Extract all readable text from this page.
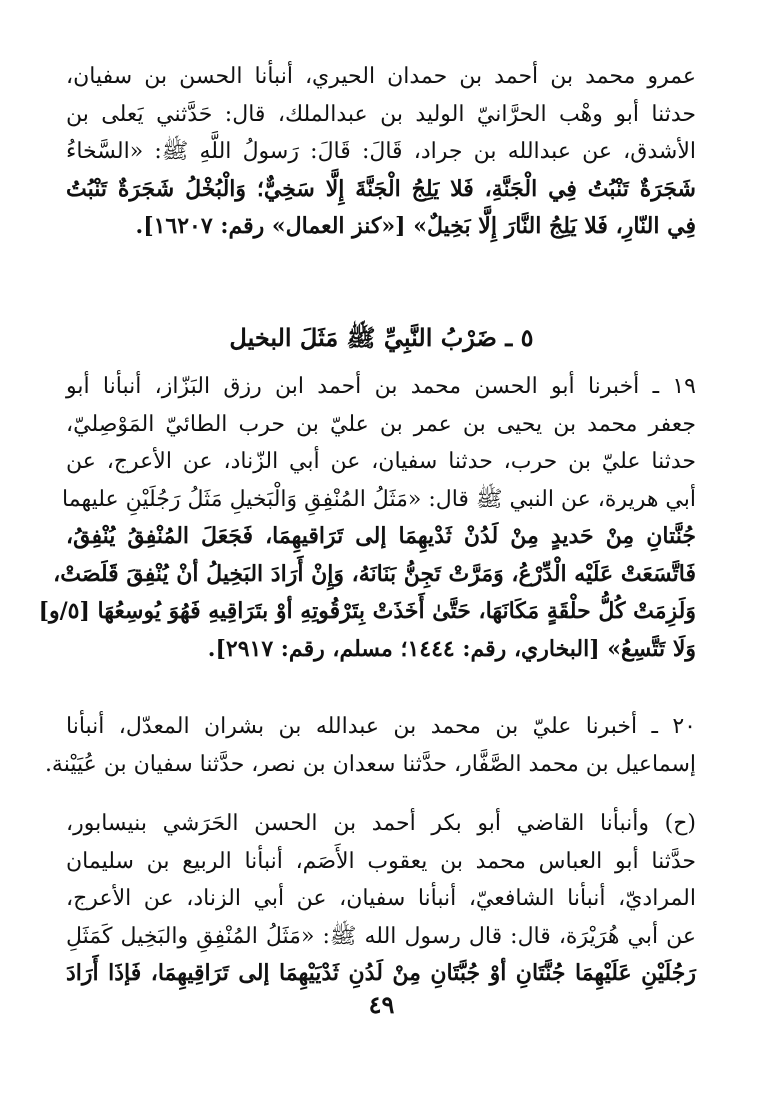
عمرو محمد بن أحمد بن حمدان الحيري، أنبأنا الحسن بن سفيان،
حدثنا أبو وهْب الحرَّانيّ الوليد بن عبدالملك، قال: حَدَّثني يَعلى بن
الأشدق، عن عبدالله بن جراد، قَالَ: قَالَ: رَسولُ اللَّهِ ﷺ: «السَّخاءُ
شَجَرَةٌ تَنْبُتُ فِي الْجَنَّةِ، فَلا يَلِجُ الْجَنَّةَ إِلَّا سَخِيٌّ؛ وَالْبُخْلُ شَجَرَةٌ تَنْبُتُ
فِي النّارِ، فَلا يَلِجُ النَّارَ إِلَّا بَخِيلٌ» [«كنز العمال» رقم: ١٦٢٠٧].
٥ ـ ضَرْبُ النَّبِيِّ ﷺ مَثَلَ البخيل
١٩ ـ أخبرنا أبو الحسن محمد بن أحمد ابن رزق البَزّاز، أنبأنا أبو
جعفر محمد بن يحيى بن عمر بن عليّ بن حرب الطائيّ المَوْصِليّ،
حدثنا عليّ بن حرب، حدثنا سفيان، عن أبي الزّناد، عن الأعرج، عن
أبي هريرة، عن النبي ﷺ قال: «مَثَلُ المُنْفِقِ وَالْبَخيلِ مَثَلُ رَجُلَيْنِ عليهما
جُنَّتانِ مِنْ حَديدٍ مِنْ لَدُنْ ثَدْيهِمَا إلى تَرَاقيهِمَا، فَجَعَلَ المُنْفِقُ يُنْفِقُ،
فَاتَّسَعَتْ عَلَيْه الْدِّرْعُ، وَمَرَّتْ تَجِنُّ بَنَانَهُ، وَإِنْ أَرَادَ البَخِيلُ أنْ يُنْفِقَ قَلَصَتْ،
وَلَزِمَتْ كُلُّ حلْقَةٍ مَكَانَهَا، حَتَّىٰ أَخَذَتْ بِتَرْقُوتِهِ أوْ بتَرَاقِيهِ فَهُوَ يُوسِعُهَا [٥/و]
وَلَا تَتَّسِعُ» [البخاري، رقم: ١٤٤٤؛ مسلم، رقم: ٢٩١٧].
٢٠ ـ أخبرنا عليّ بن محمد بن عبدالله بن بشران المعدّل، أنبأنا
إسماعيل بن محمد الصَّفَّار، حدَّثنا سعدان بن نصر، حدَّثنا سفيان بن عُيَيْنة.
(ح) وأنبأنا القاضي أبو بكر أحمد بن الحسن الحَرَشي بنيسابور،
حدَّثنا أبو العباس محمد بن يعقوب الأَصَم، أنبأنا الربيع بن سليمان
المراديّ، أنبأنا الشافعيّ، أنبأنا سفيان، عن أبي الزناد، عن الأعرج،
عن أبي هُرَيْرَة، قال: قال رسول الله ﷺ: «مَثَلُ المُنْفِقِ والبَخِيل كَمَثَلِ
رَجُلَيْنِ عَلَيْهِمَا جُنَّتَانِ أوْ جُبَّتَانِ مِنْ لَدُنِ ثَدْيَيْهِمَا إلى تَرَاقِيهِمَا، فَإذَا أَرَادَ
٤٩
